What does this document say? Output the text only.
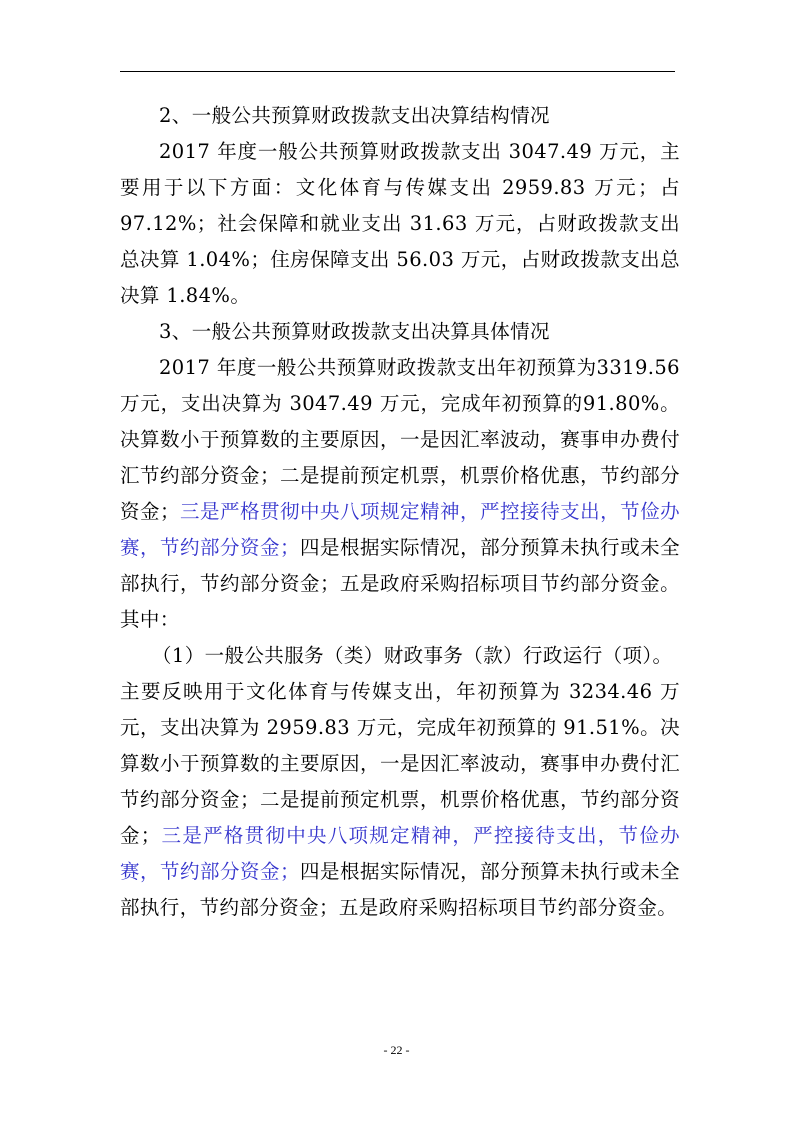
2、一般公共预算财政拨款支出决算结构情况

2017 年度一般公共预算财政拨款支出 3047.49 万元，主要用于以下方面：文化体育与传媒支出 2959.83 万元；占97.12%；社会保障和就业支出 31.63 万元，占财政拨款支出总决算 1.04%；住房保障支出 56.03 万元，占财政拨款支出总决算 1.84%。

3、一般公共预算财政拨款支出决算具体情况

2017 年度一般公共预算财政拨款支出年初预算为3319.56 万元，支出决算为 3047.49 万元，完成年初预算的91.80%。决算数小于预算数的主要原因，一是因汇率波动，赛事申办费付汇节约部分资金；二是提前预定机票，机票价格优惠，节约部分资金；三是严格贯彻中央八项规定精神，严控接待支出，节俭办赛，节约部分资金；四是根据实际情况，部分预算未执行或未全部执行，节约部分资金；五是政府采购招标项目节约部分资金。其中：

（1）一般公共服务（类）财政事务（款）行政运行（项）。

主要反映用于文化体育与传媒支出，年初预算为 3234.46 万元，支出决算为 2959.83 万元，完成年初预算的 91.51%。决算数小于预算数的主要原因，一是因汇率波动，赛事申办费付汇节约部分资金；二是提前预定机票，机票价格优惠，节约部分资金；三是严格贯彻中央八项规定精神，严控接待支出，节俭办赛，节约部分资金；四是根据实际情况，部分预算未执行或未全部执行，节约部分资金；五是政府采购招标项目节约部分资金。

- 22 -
